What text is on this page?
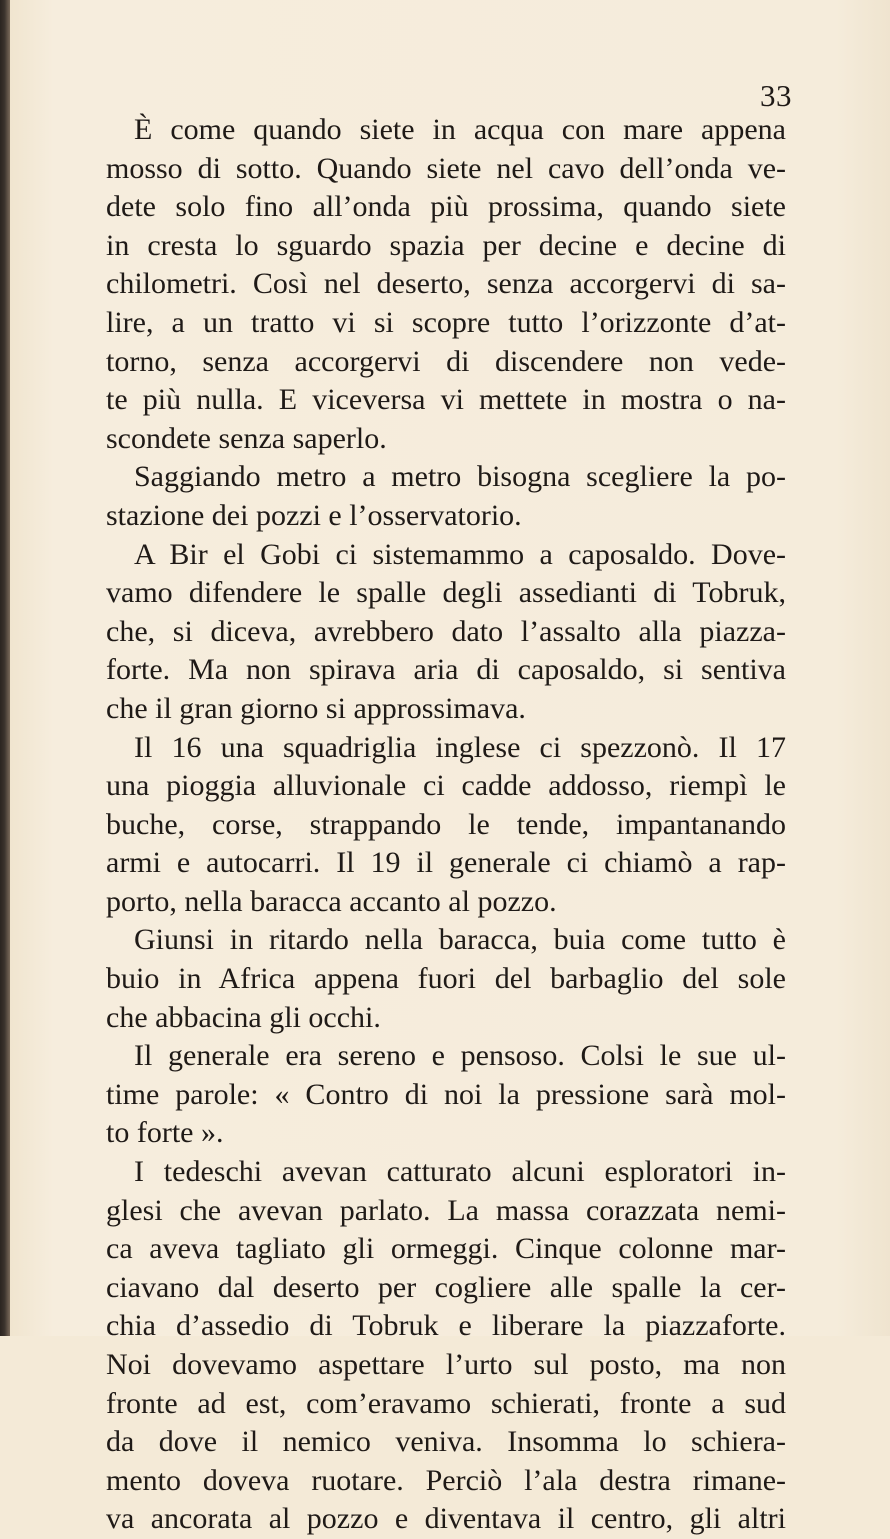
33
È come quando siete in acqua con mare appena
mosso di sotto. Quando siete nel cavo dell’onda ve-
dete solo fino all’onda più prossima, quando siete
in cresta lo sguardo spazia per decine e decine di
chilometri. Così nel deserto, senza accorgervi di sa-
lire, a un tratto vi si scopre tutto l’orizzonte d’at-
torno, senza accorgervi di discendere non vede-
te più nulla. E viceversa vi mettete in mostra o na-
scondete senza saperlo.
Saggiando metro a metro bisogna scegliere la po-
stazione dei pozzi e l’osservatorio.
A Bir el Gobi ci sistemammo a caposaldo. Dove-
vamo difendere le spalle degli assedianti di Tobruk,
che, si diceva, avrebbero dato l’assalto alla piazza-
forte. Ma non spirava aria di caposaldo, si sentiva
che il gran giorno si approssimava.
Il 16 una squadriglia inglese ci spezzonò. Il 17
una pioggia alluvionale ci cadde addosso, riempì le
buche, corse, strappando le tende, impantanando
armi e autocarri. Il 19 il generale ci chiamò a rap-
porto, nella baracca accanto al pozzo.
Giunsi in ritardo nella baracca, buia come tutto è
buio in Africa appena fuori del barbaglio del sole
che abbacina gli occhi.
Il generale era sereno e pensoso. Colsi le sue ul-
time parole: « Contro di noi la pressione sarà mol-
to forte ».
I tedeschi avevan catturato alcuni esploratori in-
glesi che avevan parlato. La massa corazzata nemi-
ca aveva tagliato gli ormeggi. Cinque colonne mar-
ciavano dal deserto per cogliere alle spalle la cer-
chia d’assedio di Tobruk e liberare la piazzaforte.
Noi dovevamo aspettare l’urto sul posto, ma non
fronte ad est, com’eravamo schierati, fronte a sud
da dove il nemico veniva. Insomma lo schiera-
mento doveva ruotare. Perciò l’ala destra rimane-
va ancorata al pozzo e diventava il centro, gli altri
